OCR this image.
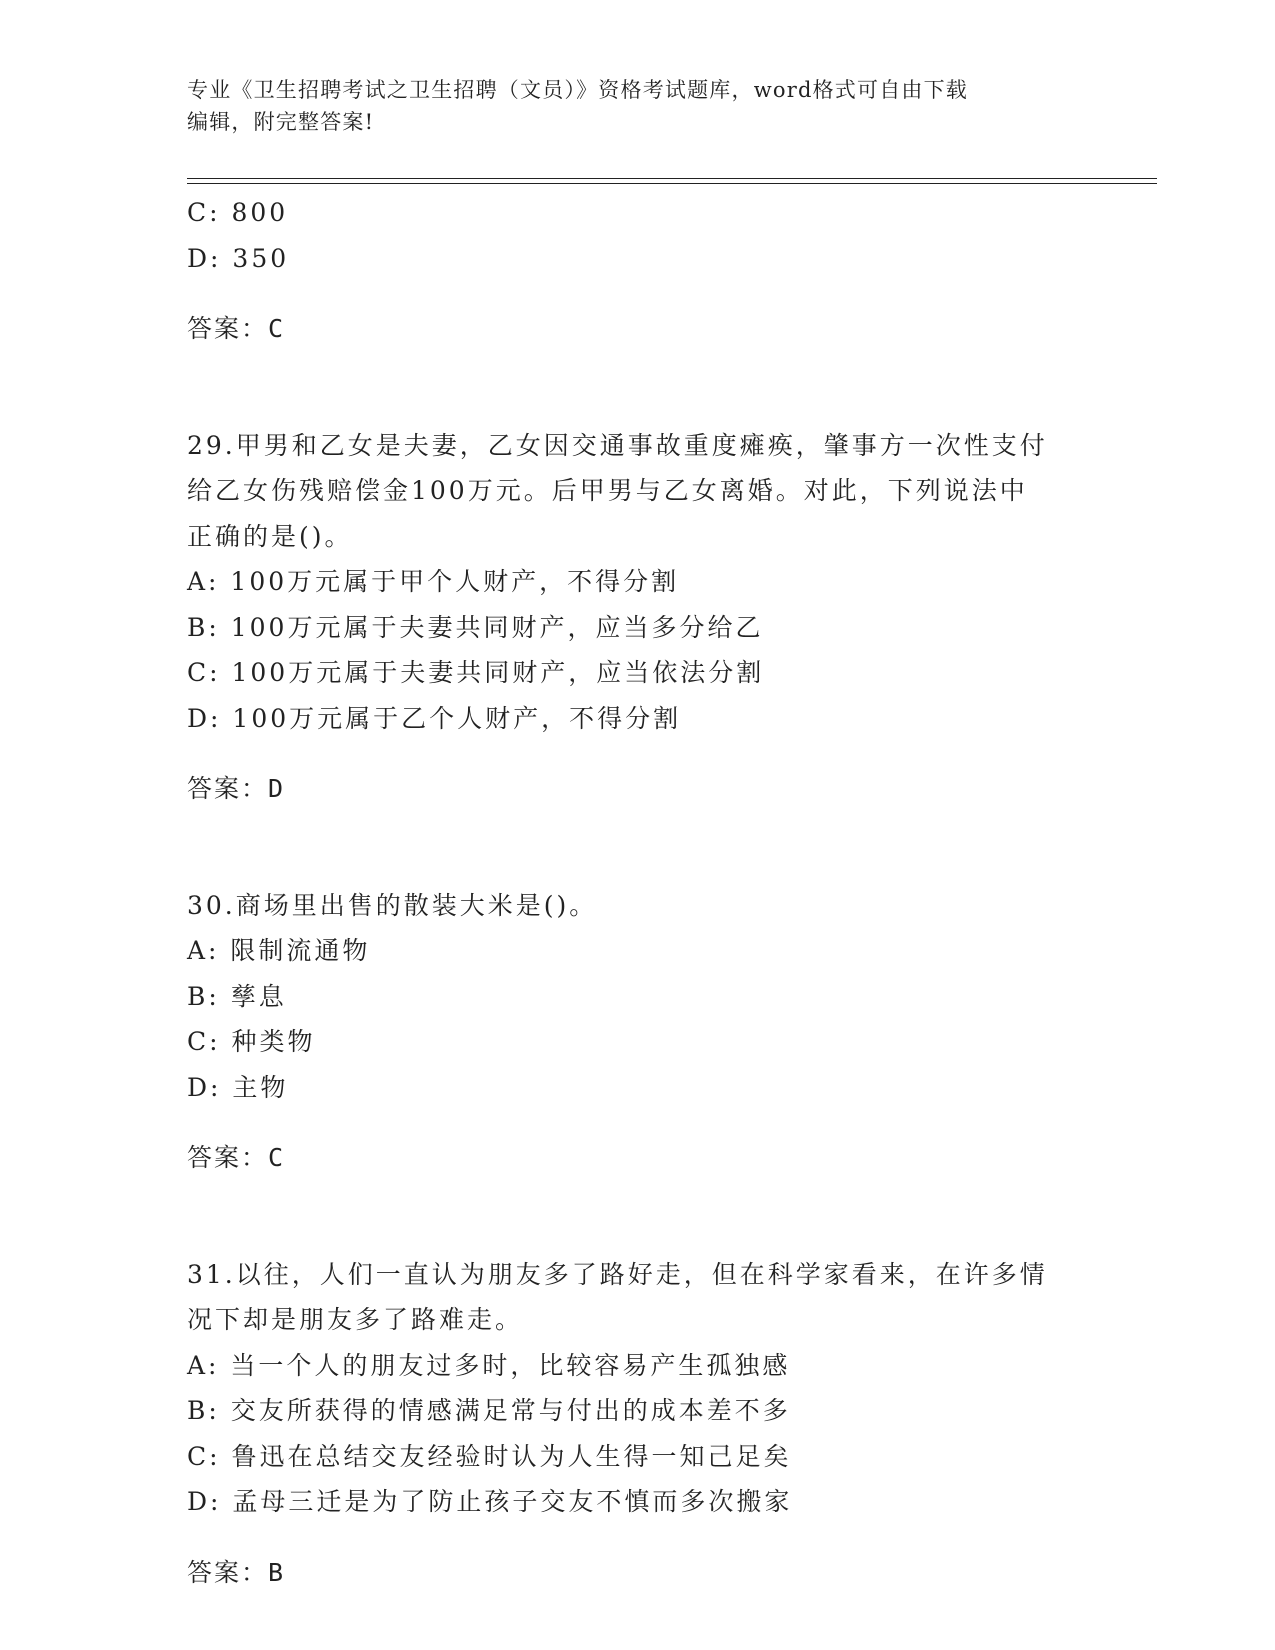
专业《卫生招聘考试之卫生招聘（文员）》资格考试题库，word格式可自由下载
编辑，附完整答案!

C: 800

D: 350

答案：C

29.甲男和乙女是夫妻，乙女因交通事故重度瘫痪，肇事方一次性支付

给乙女伤残赔偿金100万元。后甲男与乙女离婚。对此，下列说法中

正确的是()。

A: 100万元属于甲个人财产，不得分割

B: 100万元属于夫妻共同财产，应当多分给乙

C: 100万元属于夫妻共同财产，应当依法分割

D: 100万元属于乙个人财产，不得分割

答案：D

30.商场里出售的散装大米是()。

A: 限制流通物

B: 孳息

C: 种类物

D: 主物

答案：C

31.以往，人们一直认为朋友多了路好走，但在科学家看来，在许多情

况下却是朋友多了路难走。

A: 当一个人的朋友过多时，比较容易产生孤独感

B: 交友所获得的情感满足常与付出的成本差不多

C: 鲁迅在总结交友经验时认为人生得一知己足矣

D: 孟母三迁是为了防止孩子交友不慎而多次搬家

答案：B
